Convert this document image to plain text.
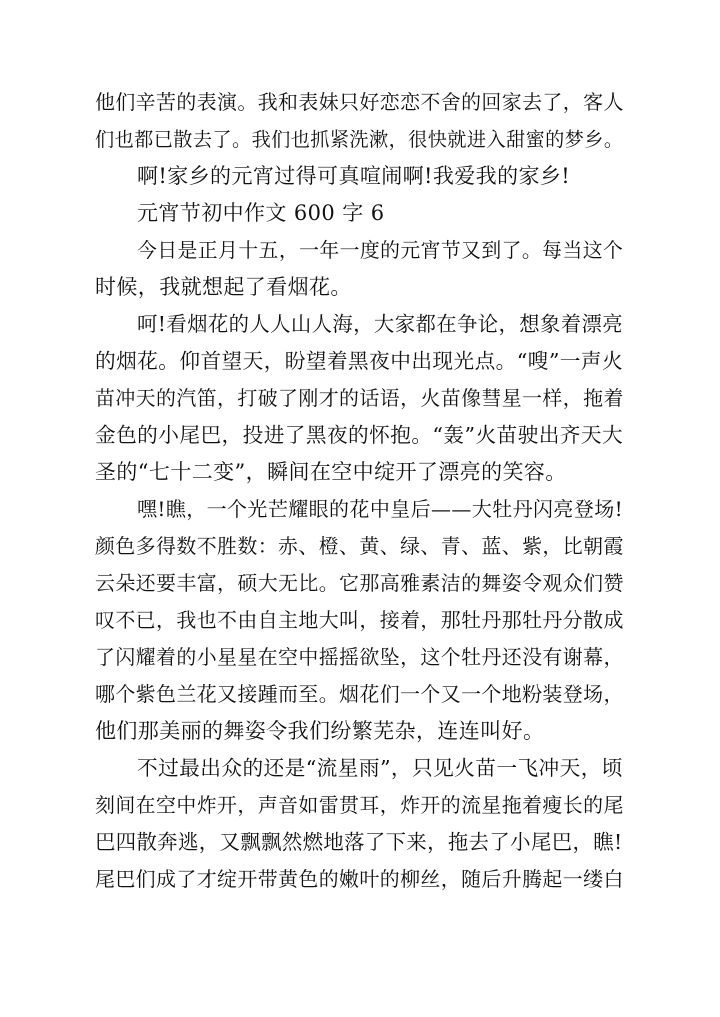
他们辛苦的表演。我和表妹只好恋恋不舍的回家去了，客人
们也都已散去了。我们也抓紧洗漱，很快就进入甜蜜的梦乡。
啊!家乡的元宵过得可真喧闹啊!我爱我的家乡!
元宵节初中作文 600 字 6
今日是正月十五，一年一度的元宵节又到了。每当这个
时候，我就想起了看烟花。
呵!看烟花的人人山人海，大家都在争论，想象着漂亮
的烟花。仰首望天，盼望着黑夜中出现光点。“嗖”一声火
苗冲天的汽笛，打破了刚才的话语，火苗像彗星一样，拖着
金色的小尾巴，投进了黑夜的怀抱。“轰”火苗驶出齐天大
圣的“七十二变”，瞬间在空中绽开了漂亮的笑容。
嘿!瞧，一个光芒耀眼的花中皇后——大牡丹闪亮登场!
颜色多得数不胜数：赤、橙、黄、绿、青、蓝、紫，比朝霞
云朵还要丰富，硕大无比。它那高雅素洁的舞姿令观众们赞
叹不已，我也不由自主地大叫，接着，那牡丹那牡丹分散成
了闪耀着的小星星在空中摇摇欲坠，这个牡丹还没有谢幕，
哪个紫色兰花又接踵而至。烟花们一个又一个地粉装登场，
他们那美丽的舞姿令我们纷繁芜杂，连连叫好。
不过最出众的还是“流星雨”，只见火苗一飞冲天，顷
刻间在空中炸开，声音如雷贯耳，炸开的流星拖着瘦长的尾
巴四散奔逃，又飘飘然燃地落了下来，拖去了小尾巴，瞧!
尾巴们成了才绽开带黄色的嫩叶的柳丝，随后升腾起一缕白
